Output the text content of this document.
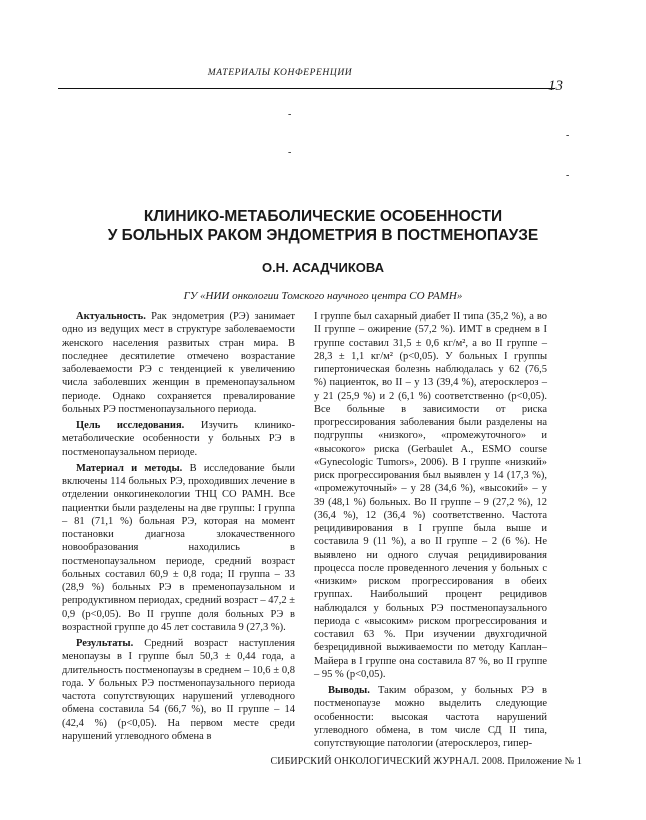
МАТЕРИАЛЫ КОНФЕРЕНЦИИ
13
-
-
-
-
КЛИНИКО-МЕТАБОЛИЧЕСКИЕ ОСОБЕННОСТИ
У БОЛЬНЫХ РАКОМ ЭНДОМЕТРИЯ В ПОСТМЕНОПАУЗЕ
О.Н. АСАДЧИКОВА
ГУ «НИИ онкологии Томского научного центра СО РАМН»

Актуальность. Рак эндометрия (РЭ) занимает одно из ведущих мест в структуре заболеваемости женского населения развитых стран мира. В последнее десятилетие отмечено возрастание заболеваемости РЭ с тенденцией к увеличению числа заболевших женщин в пременопаузальном периоде. Однако сохраняется превалирование больных РЭ постменопаузального периода.

Цель исследования. Изучить клинико-метаболические особенности у больных РЭ в постменопаузальном периоде.

Материал и методы. В исследование были включены 114 больных РЭ, проходивших лечение в отделении онкогинекологии ТНЦ СО РАМН. Все пациентки были разделены на две группы: I группа – 81 (71,1 %) больная РЭ, которая на момент постановки диагноза злокачественного новообразования находились в постменопаузальном периоде, средний возраст больных составил 60,9 ± 0,8 года; II группа – 33 (28,9 %) больных РЭ в пременопаузальном и репродуктивном периодах, средний возраст – 47,2 ± 0,9 (p<0,05). Во II группе доля больных РЭ в возрастной группе до 45 лет составила 9 (27,3 %).

Результаты. Средний возраст наступления менопаузы в I группе был 50,3 ± 0,44 года, а длительность постменопаузы в среднем – 10,6 ± 0,8 года. У больных РЭ постменопаузального периода частота сопутствующих нарушений углеводного обмена составила 54 (66,7 %), во II группе – 14 (42,4 %) (p<0,05). На первом месте среди нарушений углеводного обмена в

I группе был сахарный диабет II типа (35,2 %), а во II группе – ожирение (57,2 %). ИМТ в среднем в I группе составил 31,5 ± 0,6 кг/м², а во II группе – 28,3 ± 1,1 кг/м² (p<0,05). У больных I группы гипертоническая болезнь наблюдалась у 62 (76,5 %) пациенток, во II – у 13 (39,4 %), атеросклероз – у 21 (25,9 %) и 2 (6,1 %) соответственно (p<0,05). Все больные в зависимости от риска прогрессирования заболевания были разделены на подгруппы «низкого», «промежуточного» и «высокого» риска (Gerbaulet A., ESMO course «Gynecologic Tumors», 2006). В I группе «низкий» риск прогрессирования был выявлен у 14 (17,3 %), «промежуточный» – у 28 (34,6 %), «высокий» – у 39 (48,1 %) больных. Во II группе – 9 (27,2 %), 12 (36,4 %), 12 (36,4 %) соответственно. Частота рецидивирования в I группе была выше и составила 9 (11 %), а во II группе – 2 (6 %). Не выявлено ни одного случая рецидивирования процесса после проведенного лечения у больных с «низким» риском прогрессирования в обеих группах. Наибольший процент рецидивов наблюдался у больных РЭ постменопаузального периода с «высоким» риском прогрессирования и составил 63 %. При изучении двухгодичной безрецидивной выживаемости по методу Каплан–Майера в I группе она составила 87 %, во II группе – 95 % (p<0,05).

Выводы. Таким образом, у больных РЭ в постменопаузе можно выделить следующие особенности: высокая частота нарушений углеводного обмена, в том числе СД II типа, сопутствующие патологии (атеросклероз, гипер-

СИБИРСКИЙ ОНКОЛОГИЧЕСКИЙ ЖУРНАЛ. 2008. Приложение № 1
